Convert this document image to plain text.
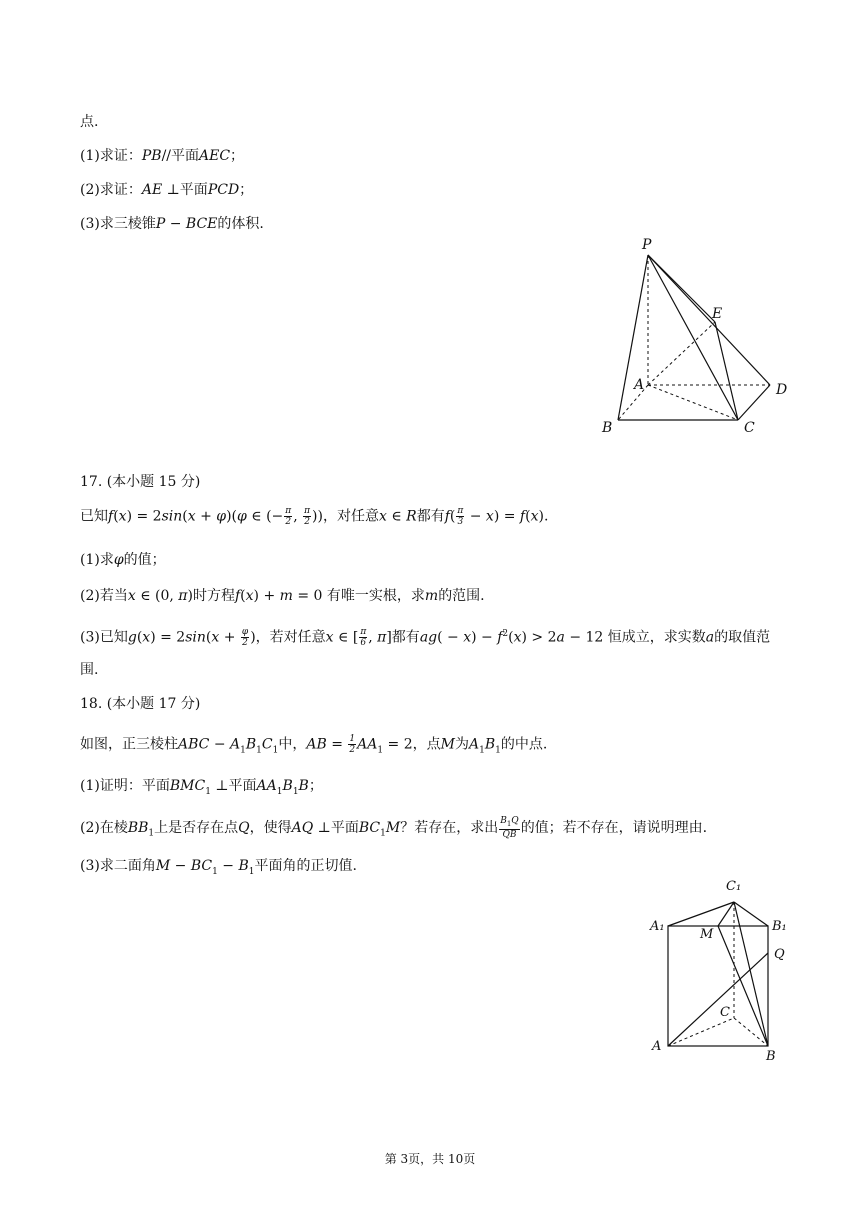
点.
(1)求证：PB//平面AEC；
(2)求证：AE ⊥平面PCD；
(3)求三棱锥P − BCE的体积.
P
E
A	D
B	C
17. (本小题 15 分)
已知f(x) = 2sin(x + φ)(φ ∈ (− $\frac{\pi}{2}$ , $\frac{\pi}{2}$ ))，对任意x ∈ R都有$f( \frac{\pi}{3} - x) = f(x)$.
(1)求φ的值；
(2)若当x ∈ (0, π)时方程f(x) + m = 0 有唯一实根，求m的范围.
(3)已知$g(x) = 2\sin(x + \frac{\varphi}{2}$ )，若对任意x ∈ [ $\frac{\pi}{6}$ , π]都有$ag( - x) - f^2(x) > 2a - 12$ 恒成立，求实数a的取值范
围.
18. (本小题 17 分)
如图，正三棱柱ABC − $A_1B_1C_1$中，AB = $\frac{1}{2} AA_1 = 2$，点M为$A_1B_1$的中点.
(1)证明：平面$BMC_1$ ⊥平面$AA_1B_1B$；
(2)在棱$BB_1$上是否存在点Q，使得AQ ⊥平面$BC_1M$？若存在，求出 $\frac{B_1Q}{QB}$ 的值；若不存在，请说明理由.
(3)求二面角$M - BC_1 - B_1$平面角的正切值.
C₁
A₁	B₁
M
Q
C
A
B
第 3页，共 10页
